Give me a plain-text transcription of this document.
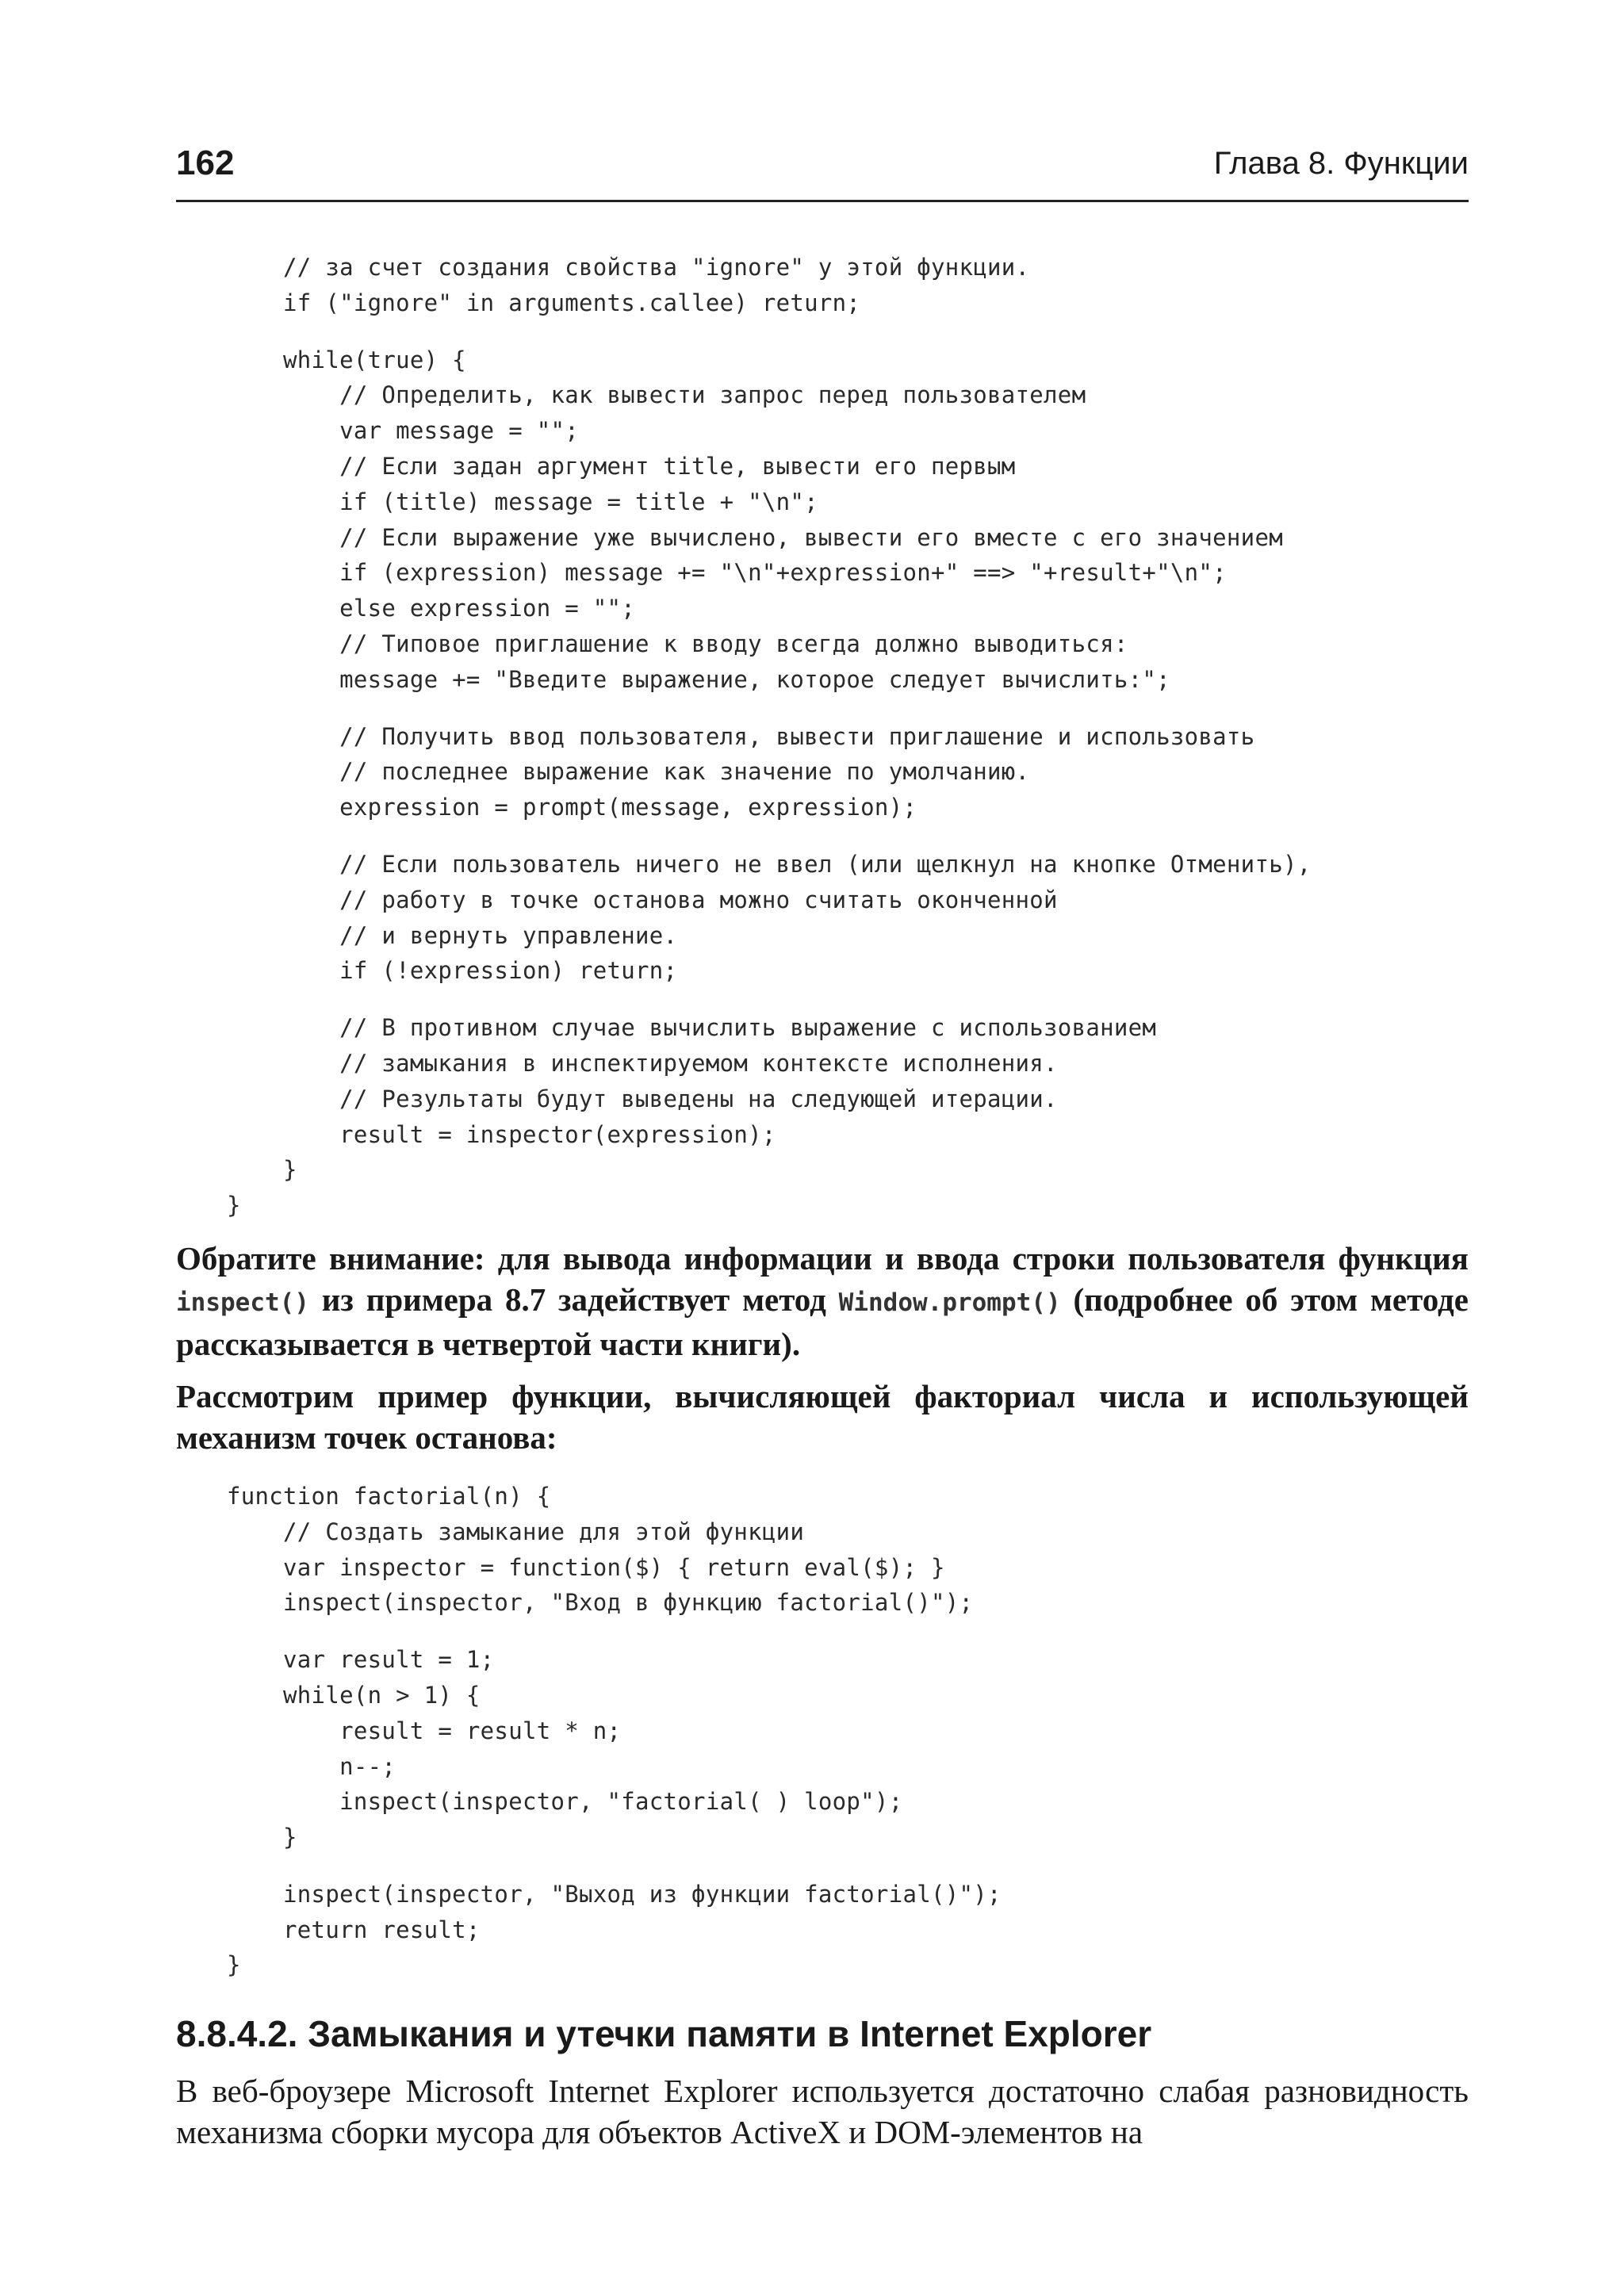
162	Глава 8. Функции
// за счет создания свойства "ignore" у этой функции.
if ("ignore" in arguments.callee) return;
while(true) {
// Определить, как вывести запрос перед пользователем
var message = "";
// Если задан аргумент title, вывести его первым
if (title) message = title + "\n";
// Если выражение уже вычислено, вывести его вместе с его значением
if (expression) message += "\n"+expression+" ==> "+result+"\n";
else expression = "";
// Типовое приглашение к вводу всегда должно выводиться:
message += "Введите выражение, которое следует вычислить:";
// Получить ввод пользователя, вывести приглашение и использовать
// последнее выражение как значение по умолчанию.
expression = prompt(message, expression);
// Если пользователь ничего не ввел (или щелкнул на кнопке Отменить),
// работу в точке останова можно считать оконченной
// и вернуть управление.
if (!expression) return;
// В противном случае вычислить выражение с использованием
// замыкания в инспектируемом контексте исполнения.
// Результаты будут выведены на следующей итерации.
result = inspector(expression);
}
}

Обратите внимание: для вывода информации и ввода строки пользователя функция inspect() из примера 8.7 задействует метод Window.prompt() (подробнее об этом методе рассказывается в четвертой части книги).

Рассмотрим пример функции, вычисляющей факториал числа и использующей механизм точек останова:

function factorial(n) {
// Создать замыкание для этой функции
var inspector = function($) { return eval($); }
inspect(inspector, "Вход в функцию factorial()");
var result = 1;
while(n > 1) {
result = result * n;
n--;
inspect(inspector, "factorial( ) loop");
}
inspect(inspector, "Выход из функции factorial()");
return result;
}
8.8.4.2. Замыкания и утечки памяти в Internet Explorer

В веб-броузере Microsoft Internet Explorer используется достаточно слабая разновидность механизма сборки мусора для объектов ActiveX и DOM-элементов на
